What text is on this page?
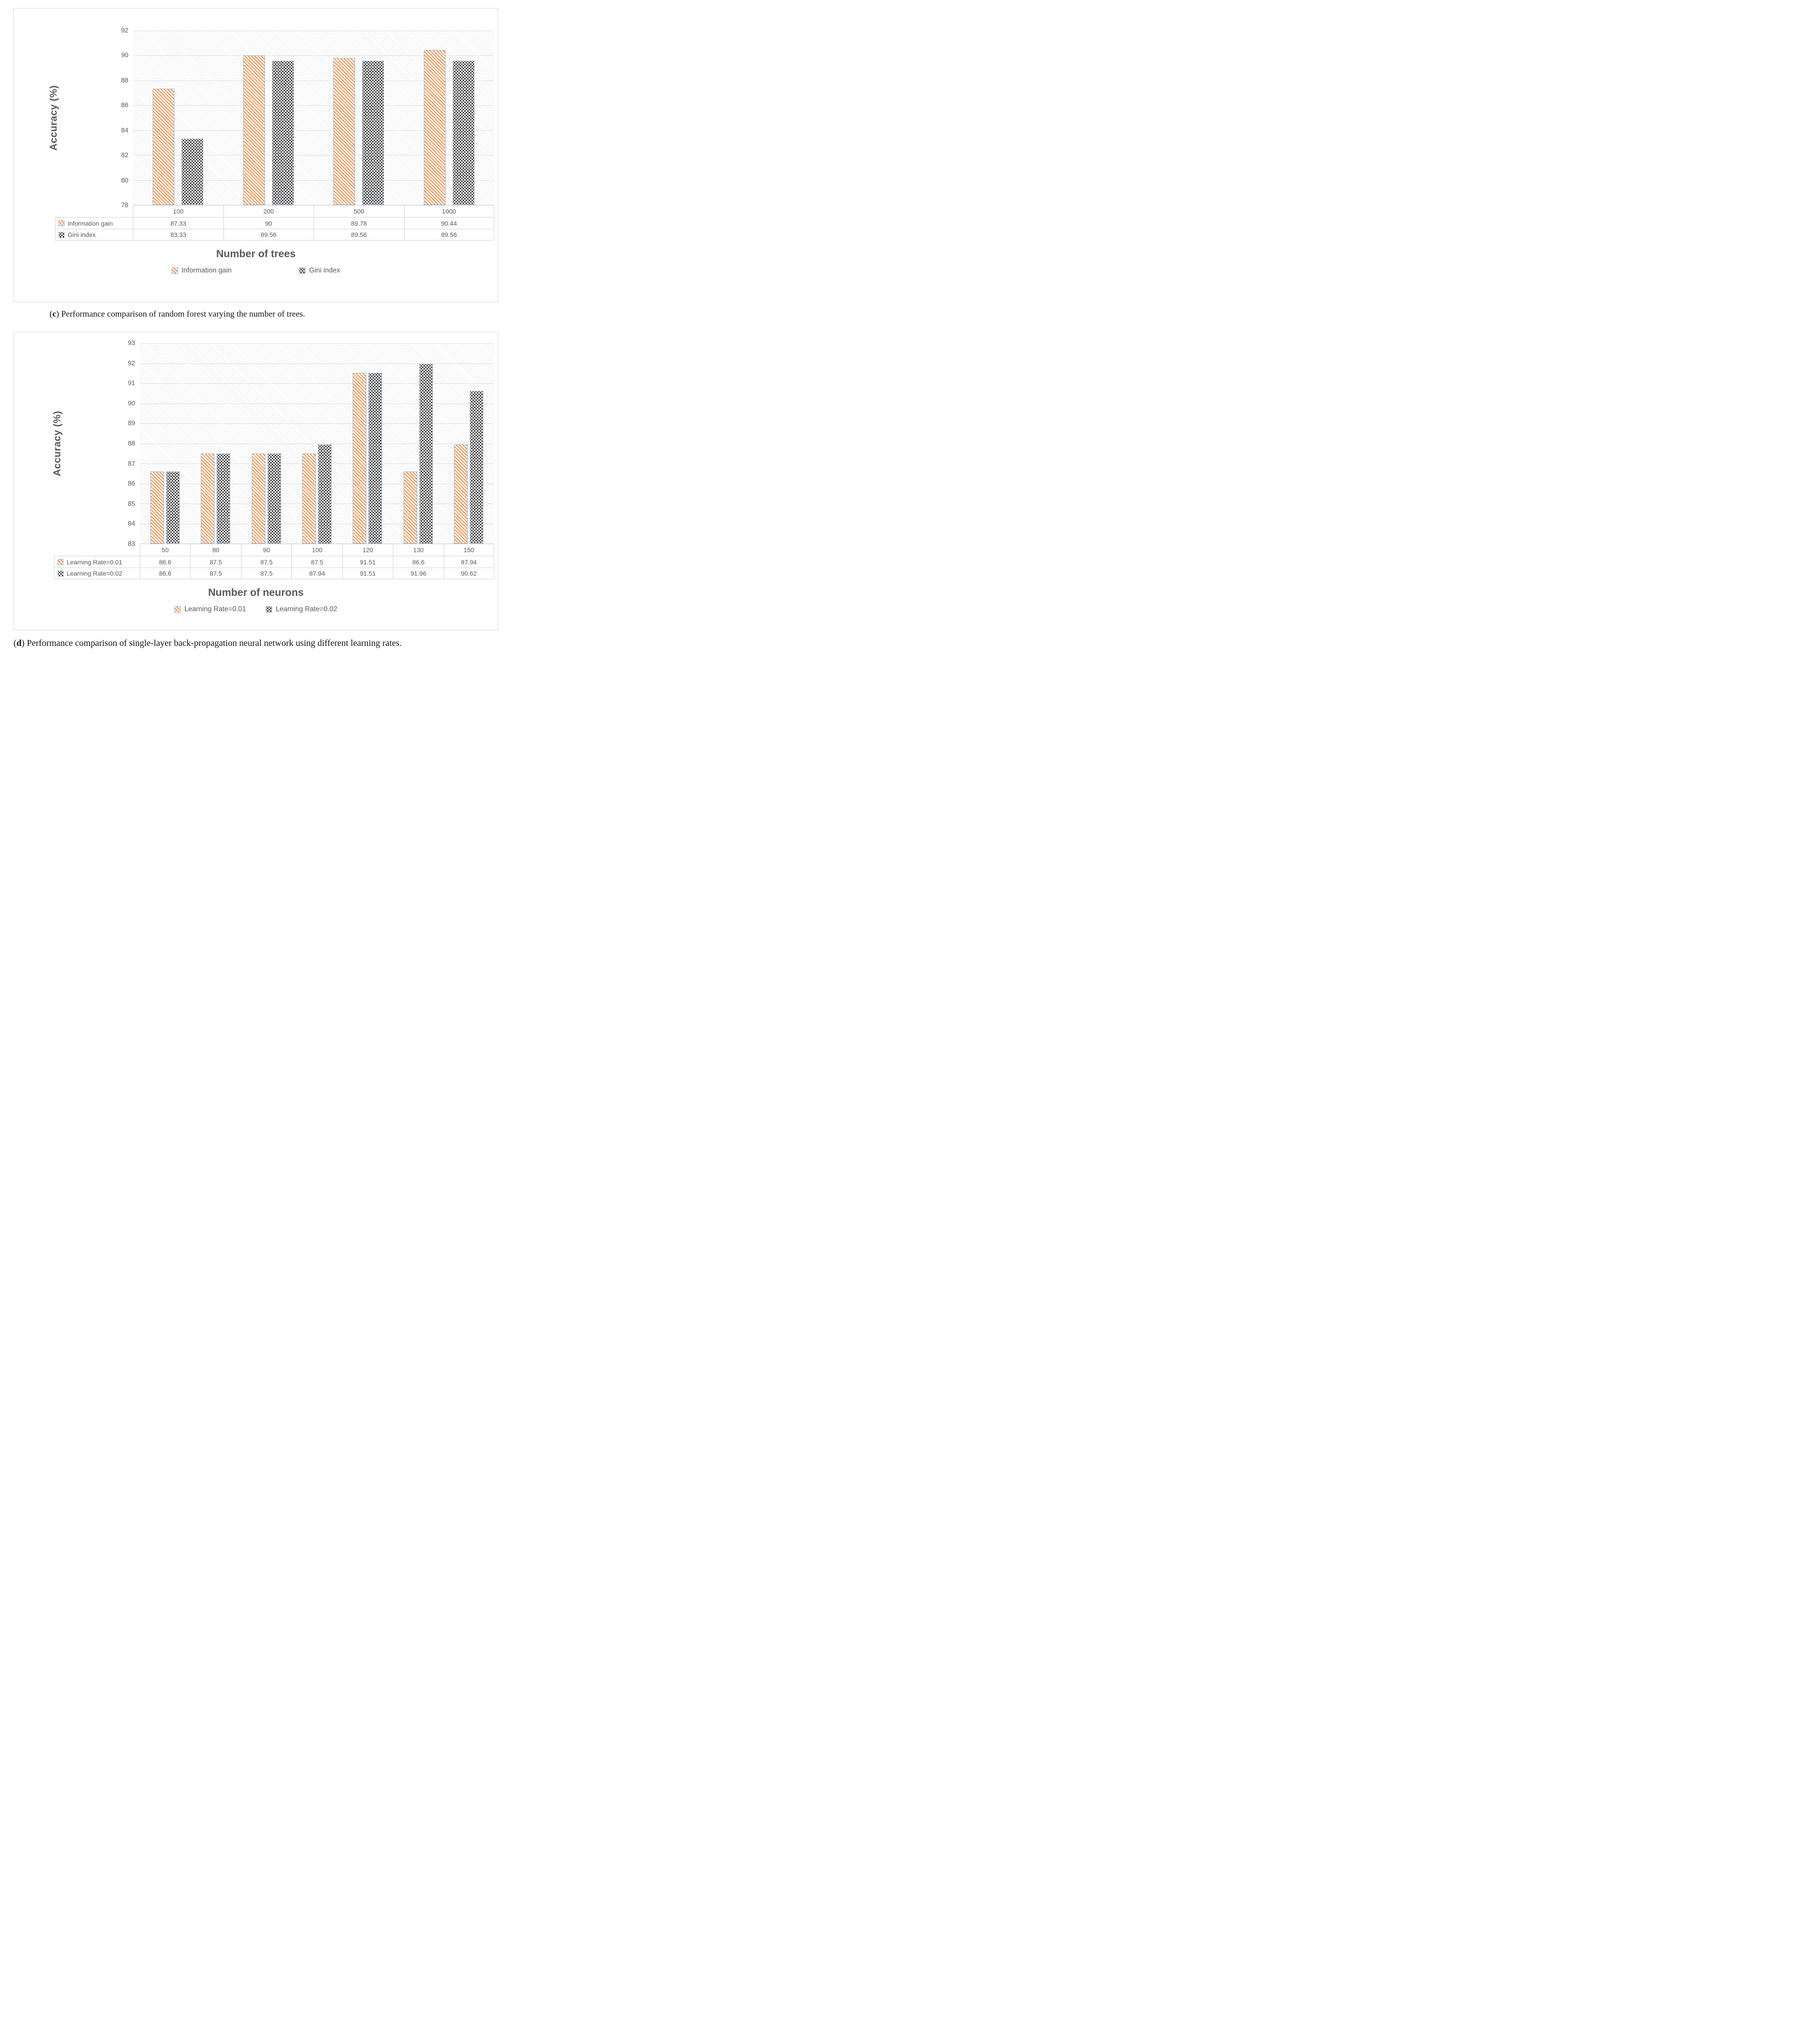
Accuracy (%)
92
90
88
86
84
82
80
78
100	200	500	1000
Information gain	87.33	90	89.78	90.44
Gini index	83.33	89.56	89.56	89.56
Number of trees
Information gain	Gini index

(c) Performance comparison of random forest varying the number of trees.

Accuracy (%)
93
92
91
90
89
88
87
86
85
84
83
50	80	90	100	120	130	150
Learning Rate=0.01	86.6	87.5	87.5	87.5	91.51	86.6	87.94
Learning Rate=0.02	86.6	87.5	87.5	87.94	91.51	91.96	90.62
Number of neurons
Learning Rate=0.01	Learning Rate=0.02

(d) Performance comparison of single-layer back-propagation neural network using different learning rates.
